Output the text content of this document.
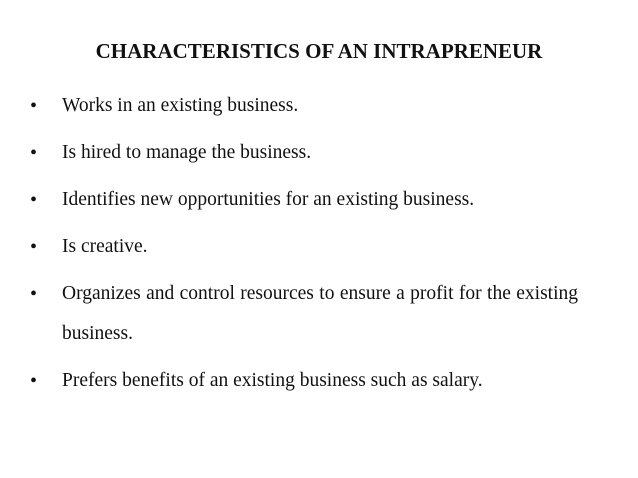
CHARACTERISTICS OF AN INTRAPRENEUR
•	Works in an existing business.
•	Is hired to manage the business.
•	Identifies new opportunities for an existing business.
•	Is creative.
•	Organizes and control resources to ensure a profit for the existing business.
•	Prefers benefits of an existing business such as salary.
